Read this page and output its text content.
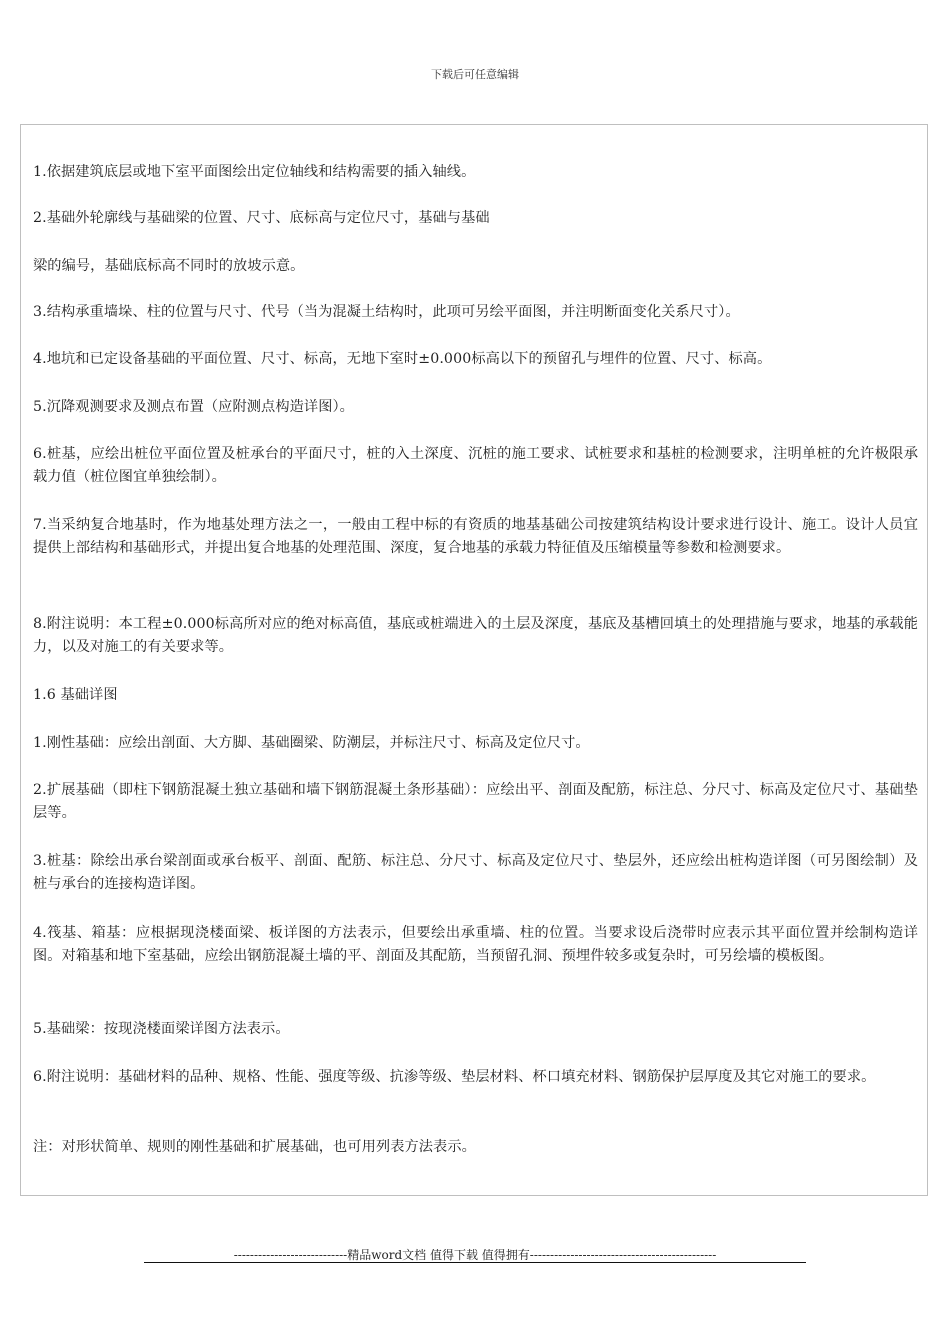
下载后可任意编辑

1.依据建筑底层或地下室平面图绘出定位轴线和结构需要的插入轴线。

2.基础外轮廓线与基础梁的位置、尺寸、底标高与定位尺寸，基础与基础

梁的编号，基础底标高不同时的放坡示意。

3.结构承重墙垛、柱的位置与尺寸、代号（当为混凝土结构时，此项可另绘平面图，并注明断面变化关系尺寸）。

4.地坑和已定设备基础的平面位置、尺寸、标高，无地下室时±0.000标高以下的预留孔与埋件的位置、尺寸、标高。

5.沉降观测要求及测点布置（应附测点构造详图）。

6.桩基，应绘出桩位平面位置及桩承台的平面尺寸，桩的入土深度、沉桩的施工要求、试桩要求和基桩的检测要求，注明单桩的允许极限承载力值（桩位图宜单独绘制）。

7.当采纳复合地基时，作为地基处理方法之一，一般由工程中标的有资质的地基基础公司按建筑结构设计要求进行设计、施工。设计人员宜提供上部结构和基础形式，并提出复合地基的处理范围、深度，复合地基的承载力特征值及压缩模量等参数和检测要求。

8.附注说明：本工程±0.000标高所对应的绝对标高值，基底或桩端进入的土层及深度，基底及基槽回填土的处理措施与要求，地基的承载能力，以及对施工的有关要求等。

1.6 基础详图

1.刚性基础：应绘出剖面、大方脚、基础圈梁、防潮层，并标注尺寸、标高及定位尺寸。

2.扩展基础（即柱下钢筋混凝土独立基础和墙下钢筋混凝土条形基础）：应绘出平、剖面及配筋，标注总、分尺寸、标高及定位尺寸、基础垫层等。

3.桩基：除绘出承台梁剖面或承台板平、剖面、配筋、标注总、分尺寸、标高及定位尺寸、垫层外，还应绘出桩构造详图（可另图绘制）及桩与承台的连接构造详图。

4.筏基、箱基：应根据现浇楼面梁、板详图的方法表示，但要绘出承重墙、柱的位置。当要求设后浇带时应表示其平面位置并绘制构造详图。对箱基和地下室基础，应绘出钢筋混凝土墙的平、剖面及其配筋，当预留孔洞、预埋件较多或复杂时，可另绘墙的模板图。

5.基础梁：按现浇楼面梁详图方法表示。

6.附注说明：基础材料的品种、规格、性能、强度等级、抗渗等级、垫层材料、杯口填充材料、钢筋保护层厚度及其它对施工的要求。

注：对形状简单、规则的刚性基础和扩展基础，也可用列表方法表示。

----------------------------精品word文档 值得下载 值得拥有----------------------------------------------
